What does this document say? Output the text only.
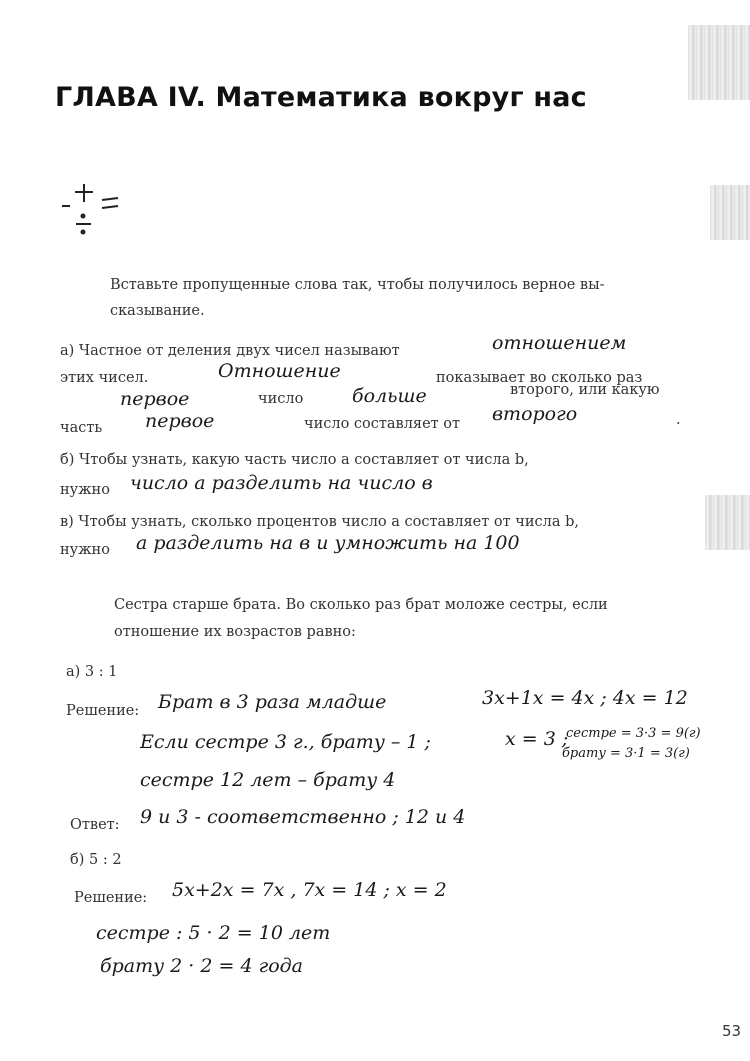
ГЛАВА IV. Математика вокруг нас
Вставьте пропущенные слова так, чтобы получилось верное вы-
сказывание.
а) Частное от деления двух чисел называют	отношением
этих чисел.	Отношение	показывает во сколько раз
первое	число	больше	второго, или какую
часть первое	число составляет от второго	.
б) Чтобы узнать, какую часть число a составляет от числа b,
нужно число а разделить на число в
в) Чтобы узнать, сколько процентов число a составляет от числа b,
нужно а разделить на в и умножить на 100
Сестра старше брата. Во сколько раз брат моложе сестры, если
отношение их возрастов равно:
а) 3 : 1
Решение: Брат в 3 раза младше	3x+1x = 4x ; 4x = 12
Если сестре 3 г., брату – 1 ;	x = 3 ;
сестре = 3·3 = 9(г)
брату = 3·1 = 3(г)
сестре 12 лет – брату 4
Ответ: 9 и 3 - соответственно ; 12 и 4
б) 5 : 2
Решение: 5x+2x = 7x , 7x = 14 ; x = 2
сестре : 5 · 2 = 10 лет
брату 2 · 2 = 4 года
53
